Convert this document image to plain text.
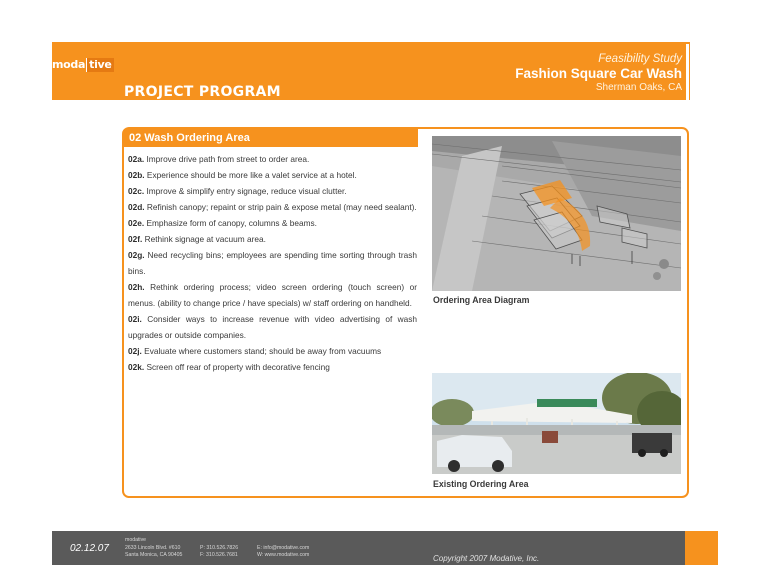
moda tive	Feasibility Study
Fashion Square Car Wash
Sherman Oaks, CA
PROJECT PROGRAM
02 Wash Ordering Area
02a. Improve drive path from street to order area.
02b. Experience should be more like a valet service at a hotel.
02c. Improve & simplify entry signage, reduce visual clutter.
02d. Refinish canopy; repaint or strip pain & expose metal (may need sealant).
02e. Emphasize form of canopy, columns & beams.
02f. Rethink signage at vacuum area.
02g. Need recycling bins; employees are spending time sorting through trash bins.
02h. Rethink ordering process; video screen ordering (touch screen) or menus. (ability to change price / have specials) w/ staff ordering on handheld.
02i. Consider ways to increase revenue with video advertising of wash upgrades or outside companies.
02j. Evaluate where customers stand; should be away from vacuums
02k. Screen off rear of property with decorative fencing
Ordering Area Diagram
Existing Ordering Area
02.12.07
modative
2633 Lincoln Blvd. #610
Santa Monica, CA 90405
P: 310.526.7826
F: 310.526.7681
E: info@modative.com
W: www.modative.com	Copyright 2007 Modative, Inc.
